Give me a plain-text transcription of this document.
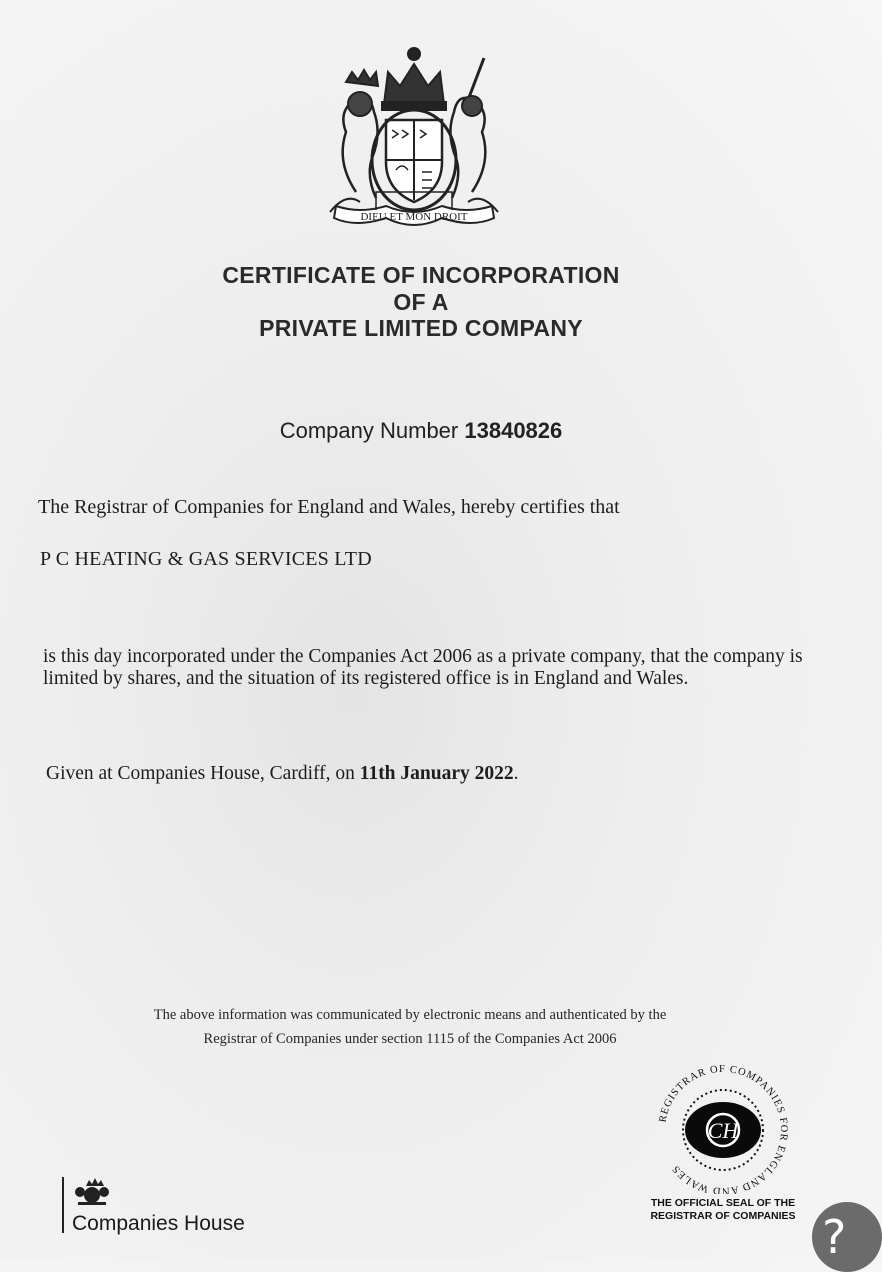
DIEU ET MON DROIT
CERTIFICATE OF INCORPORATION
OF A
PRIVATE LIMITED COMPANY
Company Number 13840826
The Registrar of Companies for England and Wales, hereby certifies that
P C HEATING & GAS SERVICES LTD
is this day incorporated under the Companies Act 2006 as a private company, that the company is limited by shares, and the situation of its registered office is in England and Wales.
Given at Companies House, Cardiff, on 11th January 2022.
The above information was communicated by electronic means and authenticated by the
Registrar of Companies under section 1115 of the Companies Act 2006
Companies House
REGISTRAR OF COMPANIES FOR ENGLAND AND WALES
CH
THE OFFICIAL SEAL OF THE
REGISTRAR OF COMPANIES ?
